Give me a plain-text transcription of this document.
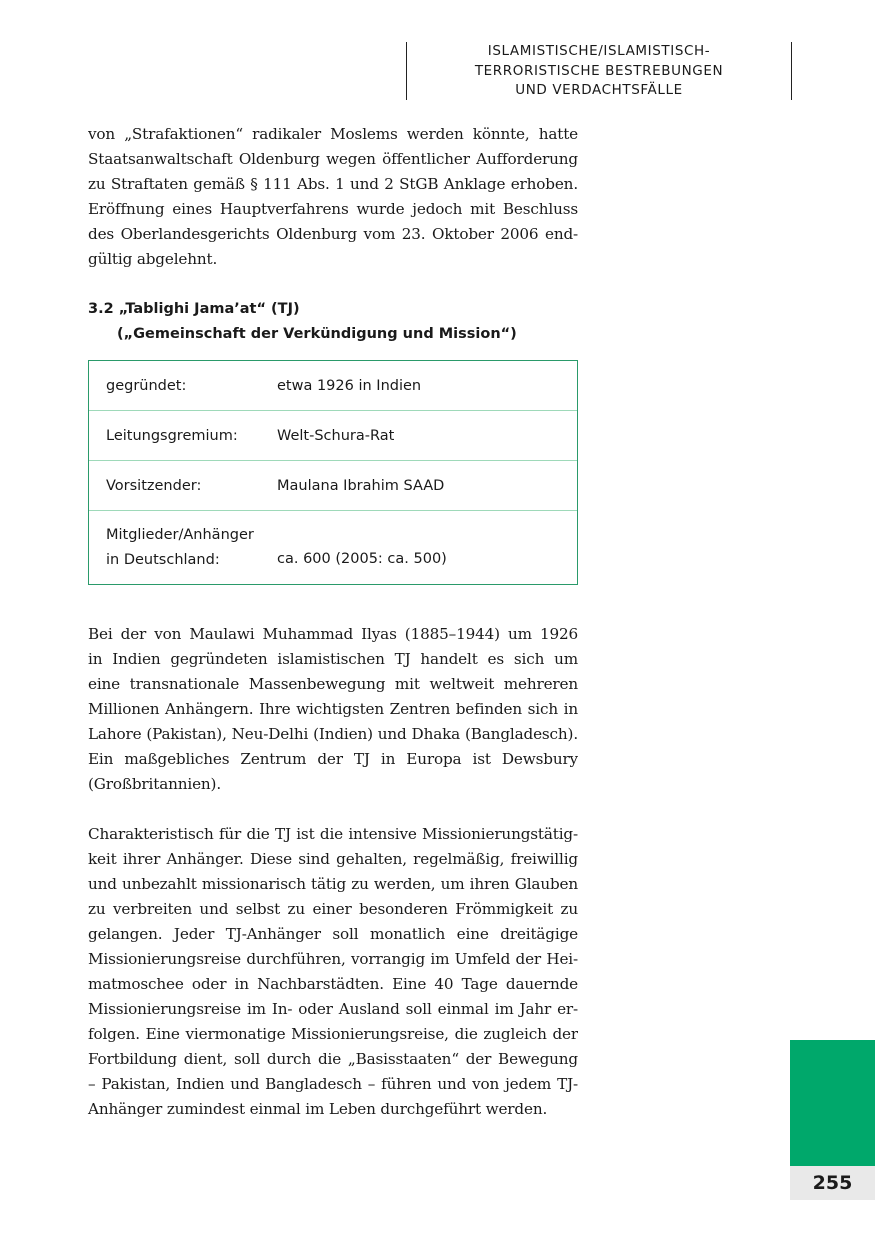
ISLAMISTISCHE/ISLAMISTISCH-
TERRORISTISCHE BESTREBUNGEN
UND VERDACHTSFÄLLE

von „Strafaktionen“ radikaler Moslems werden könnte, hatte
Staatsanwaltschaft Oldenburg wegen öffentlicher Aufforderung
zu Straftaten gemäß § 111 Abs. 1 und 2 StGB Anklage erhoben.
Eröffnung eines Hauptverfahrens wurde jedoch mit Beschluss
des Oberlandesgerichts Oldenburg vom 23. Oktober 2006 end-
gültig abgelehnt.

3.2 „Tablighi Jama’at“ (TJ)
(„Gemeinschaft der Verkündigung und Mission“)
gegründet:	etwa 1926 in Indien
Leitungsgremium:	Welt-Schura-Rat
Vorsitzender:	Maulana Ibrahim SAAD
Mitglieder/Anhänger
in Deutschland:	ca. 600 (2005: ca. 500)

Bei der von Maulawi Muhammad Ilyas (1885–1944) um 1926
in Indien gegründeten islamistischen TJ handelt es sich um
eine transnationale Massenbewegung mit weltweit mehreren
Millionen Anhängern. Ihre wichtigsten Zentren befinden sich in
Lahore (Pakistan), Neu-Delhi (Indien) und Dhaka (Bangladesch).
Ein maßgebliches Zentrum der TJ in Europa ist Dewsbury
(Großbritannien).

Charakteristisch für die TJ ist die intensive Missionierungstätig-
keit ihrer Anhänger. Diese sind gehalten, regelmäßig, freiwillig
und unbezahlt missionarisch tätig zu werden, um ihren Glauben
zu verbreiten und selbst zu einer besonderen Frömmigkeit zu
gelangen. Jeder TJ-Anhänger soll monatlich eine dreitägige
Missionierungsreise durchführen, vorrangig im Umfeld der Hei-
matmoschee oder in Nachbarstädten. Eine 40 Tage dauernde
Missionierungsreise im In- oder Ausland soll einmal im Jahr er-
folgen. Eine viermonatige Missionierungsreise, die zugleich der
Fortbildung dient, soll durch die „Basisstaaten“ der Bewegung
– Pakistan, Indien und Bangladesch – führen und von jedem TJ-
Anhänger zumindest einmal im Leben durchgeführt werden.

255
